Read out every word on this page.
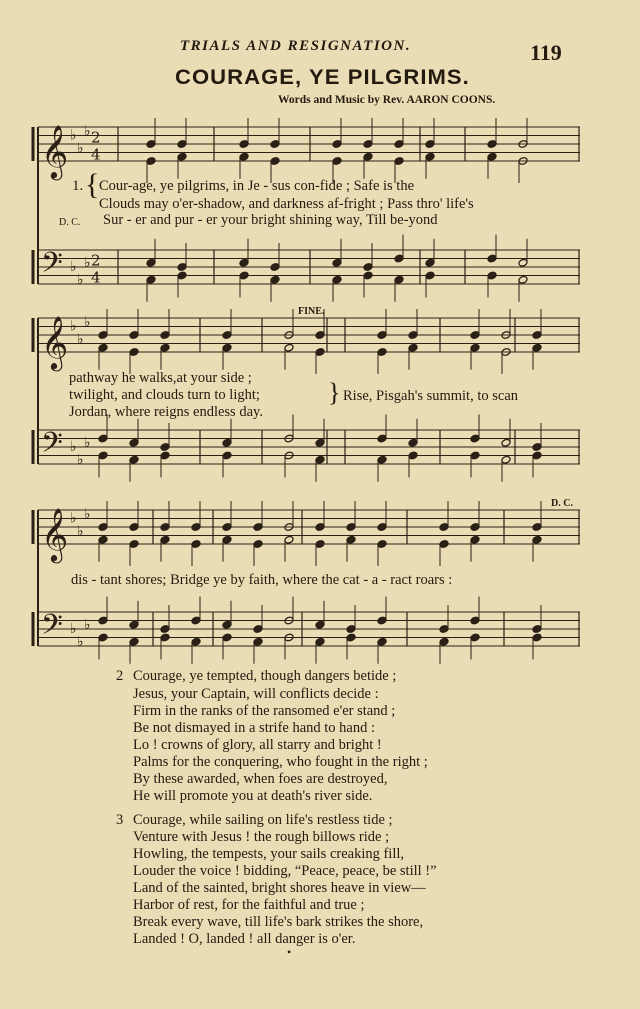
TRIALS AND RESIGNATION.	119
COURAGE, YE PILGRIMS.
Words and Music by Rev. AARON COONS.
𝄞
𝄢
♭
♭
♭
♭
♭
♭
2
4
2
4
𝄞
𝄢
♭
♭
♭
♭
♭
♭
𝄞
𝄢
♭
♭
♭
♭
♭
♭
1. { Cour-age, ye pilgrims, in Je - sus con-fide ; Safe is the
Clouds may o'er-shadow, and darkness af-fright ; Pass thro' life's
D. C. Sur - er and pur - er your bright shining way, Till be-yond
FINE.
pathway he walks,at your side ;
twilight, and clouds turn to light;
Jordan, where reigns endless day.
} Rise, Pisgah's summit, to scan
D. C.
dis - tant shores; Bridge ye by faith, where the cat - a - ract roars :
2 Courage, ye tempted, though dangers betide ;
Jesus, your Captain, will conflicts decide :
Firm in the ranks of the ransomed e'er stand ;
Be not dismayed in a strife hand to hand :
Lo ! crowns of glory, all starry and bright !
Palms for the conquering, who fought in the right ;
By these awarded, when foes are destroyed,
He will promote you at death's river side.
3 Courage, while sailing on life's restless tide ;
Venture with Jesus ! the rough billows ride ;
Howling, the tempests, your sails creaking fill,
Louder the voice ! bidding, “Peace, peace, be still !”
Land of the sainted, bright shores heave in view—
Harbor of rest, for the faithful and true ;
Break every wave, till life's bark strikes the shore,
Landed ! O, landed ! all danger is o'er.
•
